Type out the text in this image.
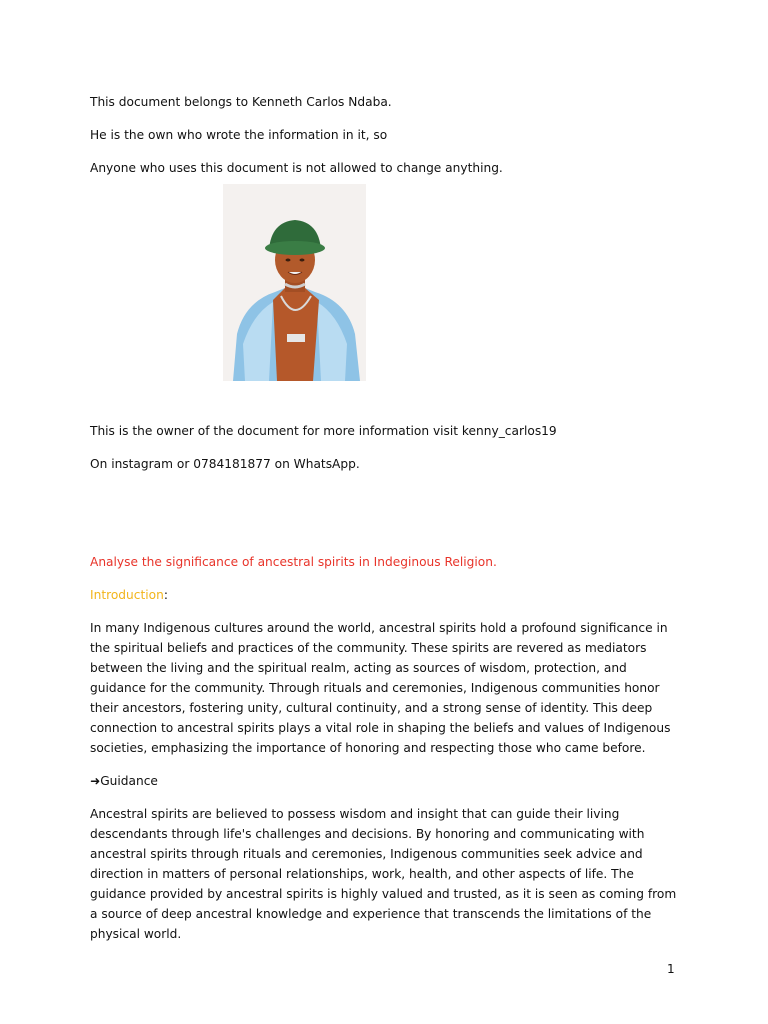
This document belongs to Kenneth Carlos Ndaba.

He is the own who wrote the information in it, so

Anyone who uses this document is not allowed to change anything.

This is the owner of the document for more information visit kenny_carlos19

On instagram or 0784181877 on WhatsApp.

Analyse the significance of ancestral spirits in Indeginous Religion.

Introduction:

In many Indigenous cultures around the world, ancestral spirits hold a profound significance in the spiritual beliefs and practices of the community. These spirits are revered as mediators between the living and the spiritual realm, acting as sources of wisdom, protection, and guidance for the community. Through rituals and ceremonies, Indigenous communities honor their ancestors, fostering unity, cultural continuity, and a strong sense of identity. This deep connection to ancestral spirits plays a vital role in shaping the beliefs and values of Indigenous societies, emphasizing the importance of honoring and respecting those who came before.

➜Guidance

Ancestral spirits are believed to possess wisdom and insight that can guide their living descendants through life's challenges and decisions. By honoring and communicating with ancestral spirits through rituals and ceremonies, Indigenous communities seek advice and direction in matters of personal relationships, work, health, and other aspects of life. The guidance provided by ancestral spirits is highly valued and trusted, as it is seen as coming from a source of deep ancestral knowledge and experience that transcends the limitations of the physical world.

1
